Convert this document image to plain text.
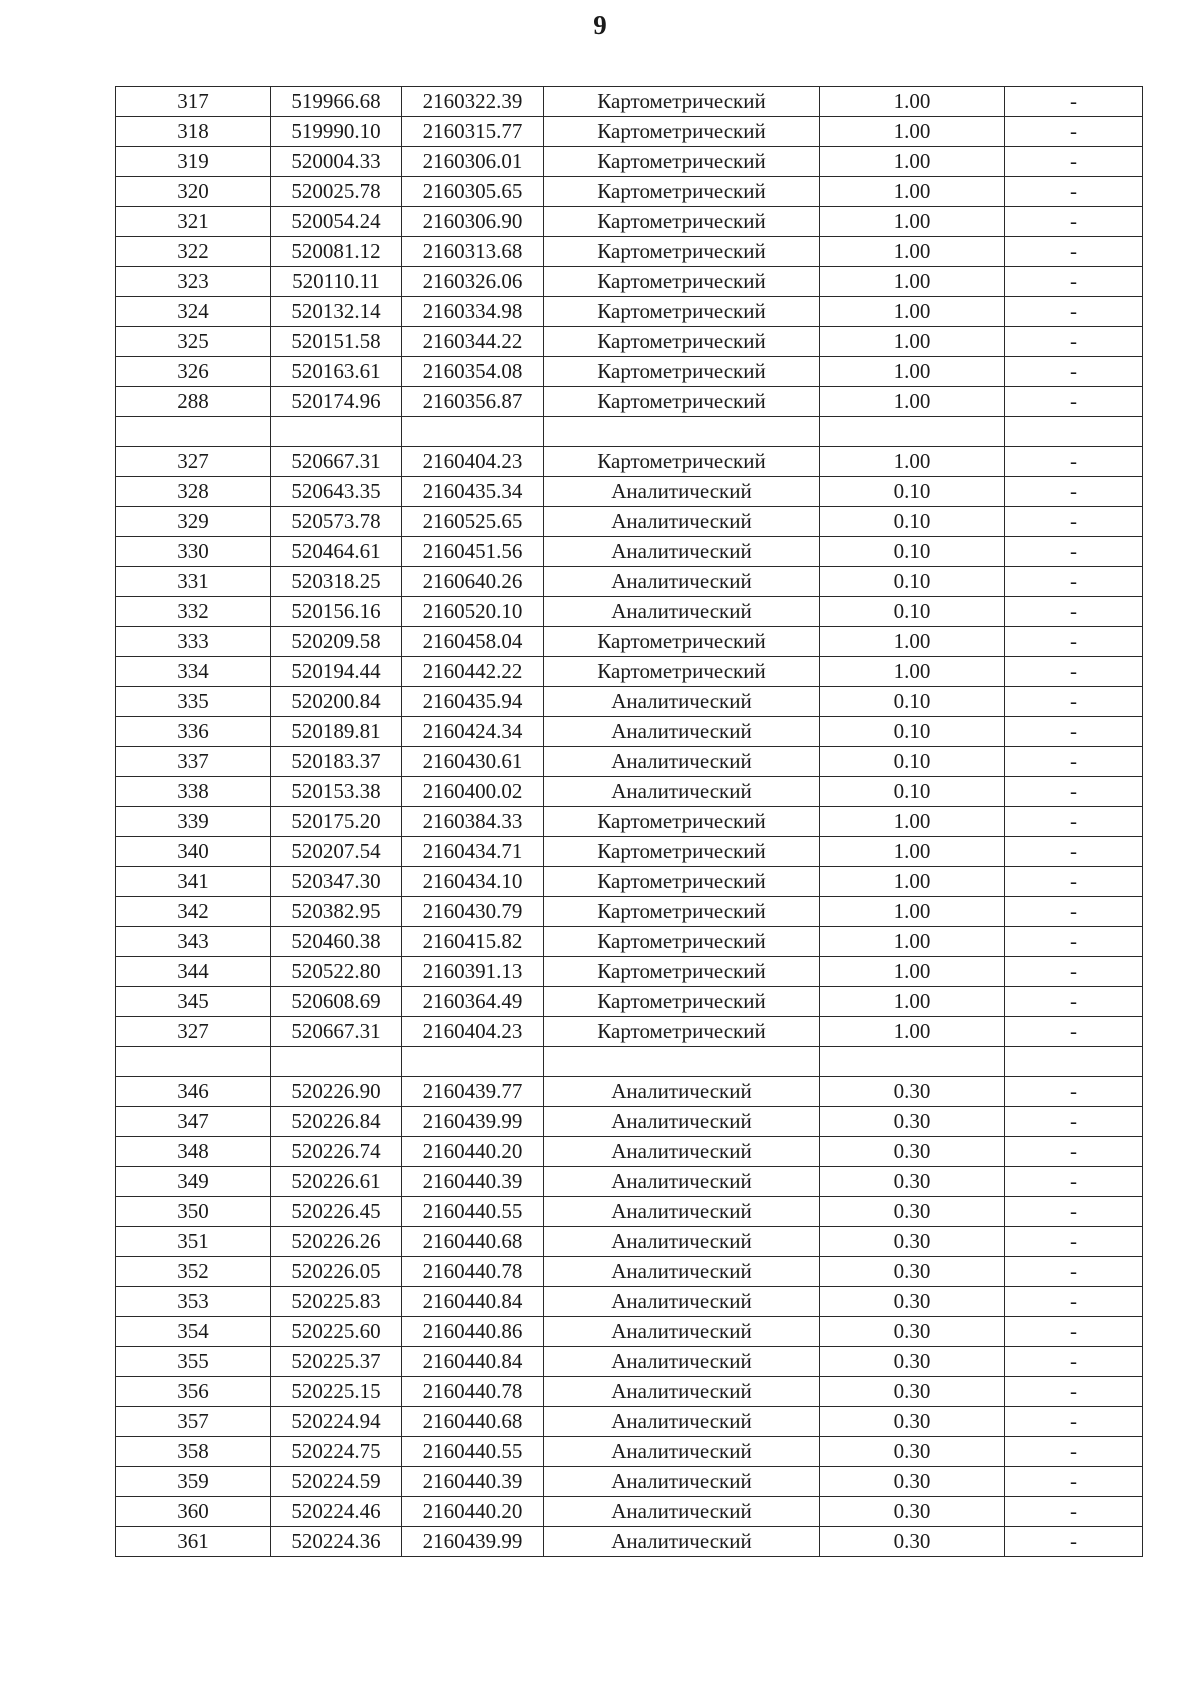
9
317	519966.68	2160322.39	Картометрический	1.00	-
318	519990.10	2160315.77	Картометрический	1.00	-
319	520004.33	2160306.01	Картометрический	1.00	-
320	520025.78	2160305.65	Картометрический	1.00	-
321	520054.24	2160306.90	Картометрический	1.00	-
322	520081.12	2160313.68	Картометрический	1.00	-
323	520110.11	2160326.06	Картометрический	1.00	-
324	520132.14	2160334.98	Картометрический	1.00	-
325	520151.58	2160344.22	Картометрический	1.00	-
326	520163.61	2160354.08	Картометрический	1.00	-
288	520174.96	2160356.87	Картометрический	1.00	-

327	520667.31	2160404.23	Картометрический	1.00	-
328	520643.35	2160435.34	Аналитический	0.10	-
329	520573.78	2160525.65	Аналитический	0.10	-
330	520464.61	2160451.56	Аналитический	0.10	-
331	520318.25	2160640.26	Аналитический	0.10	-
332	520156.16	2160520.10	Аналитический	0.10	-
333	520209.58	2160458.04	Картометрический	1.00	-
334	520194.44	2160442.22	Картометрический	1.00	-
335	520200.84	2160435.94	Аналитический	0.10	-
336	520189.81	2160424.34	Аналитический	0.10	-
337	520183.37	2160430.61	Аналитический	0.10	-
338	520153.38	2160400.02	Аналитический	0.10	-
339	520175.20	2160384.33	Картометрический	1.00	-
340	520207.54	2160434.71	Картометрический	1.00	-
341	520347.30	2160434.10	Картометрический	1.00	-
342	520382.95	2160430.79	Картометрический	1.00	-
343	520460.38	2160415.82	Картометрический	1.00	-
344	520522.80	2160391.13	Картометрический	1.00	-
345	520608.69	2160364.49	Картометрический	1.00	-
327	520667.31	2160404.23	Картометрический	1.00	-

346	520226.90	2160439.77	Аналитический	0.30	-
347	520226.84	2160439.99	Аналитический	0.30	-
348	520226.74	2160440.20	Аналитический	0.30	-
349	520226.61	2160440.39	Аналитический	0.30	-
350	520226.45	2160440.55	Аналитический	0.30	-
351	520226.26	2160440.68	Аналитический	0.30	-
352	520226.05	2160440.78	Аналитический	0.30	-
353	520225.83	2160440.84	Аналитический	0.30	-
354	520225.60	2160440.86	Аналитический	0.30	-
355	520225.37	2160440.84	Аналитический	0.30	-
356	520225.15	2160440.78	Аналитический	0.30	-
357	520224.94	2160440.68	Аналитический	0.30	-
358	520224.75	2160440.55	Аналитический	0.30	-
359	520224.59	2160440.39	Аналитический	0.30	-
360	520224.46	2160440.20	Аналитический	0.30	-
361	520224.36	2160439.99	Аналитический	0.30	-
